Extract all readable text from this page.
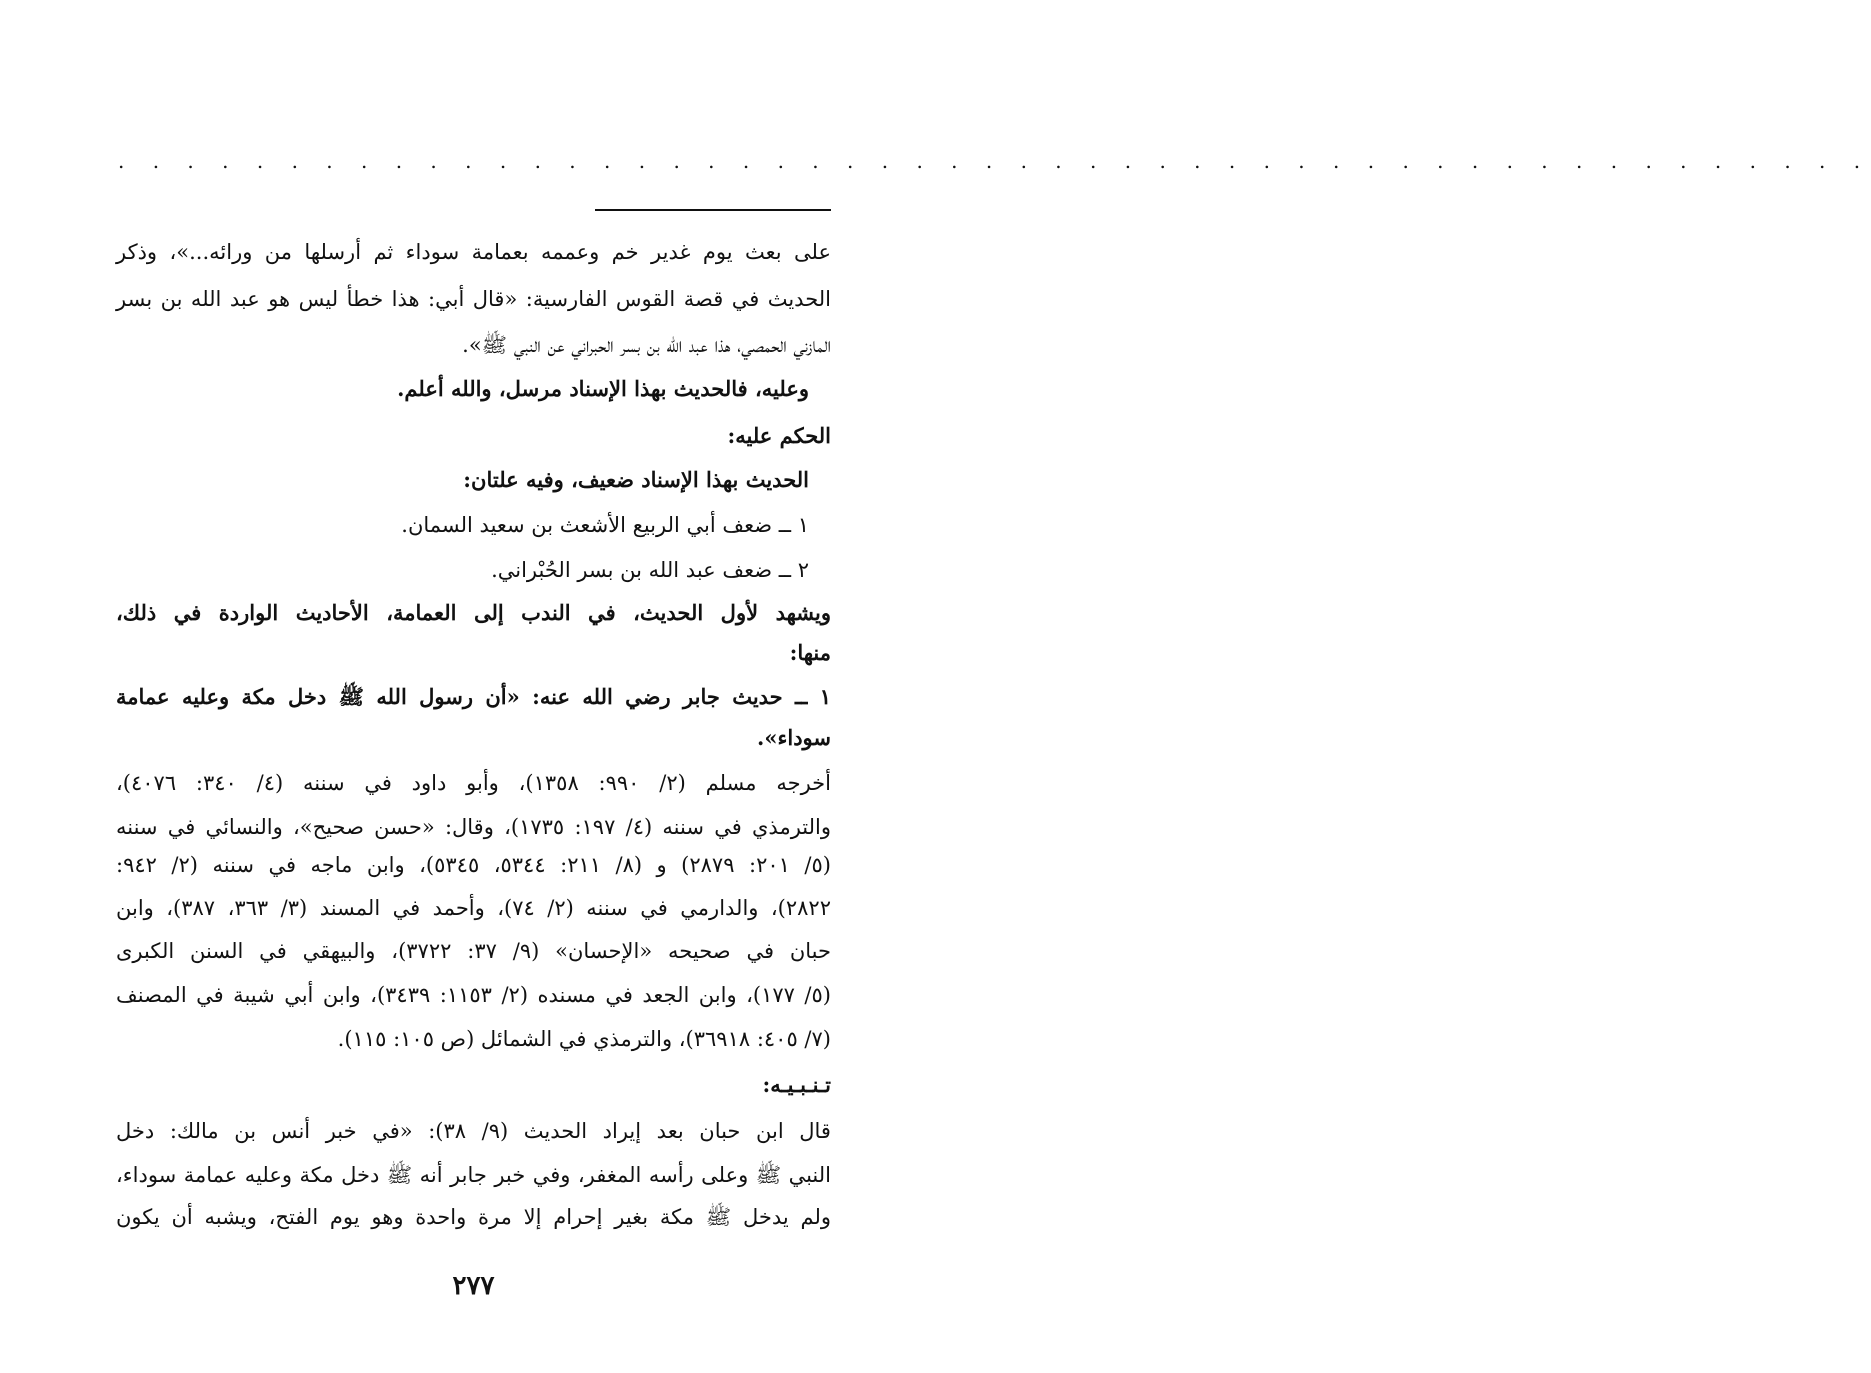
. . . . . . . . . . . . . . . . . . . . . . . . . . . . . . . . . . . . . . . . . . . . . . . . . . .
على بعث يوم غدير خم وعممه بعمامة سوداء ثم أرسلها من ورائه...»، وذكر
الحديث في قصة القوس الفارسية: «قال أبي: هذا خطأ ليس هو عبد الله بن بسر
المازني الحمصي، هذا عبد الله بن بسر الحبراني عن النبي ﷺ».
وعليه، فالحديث بهذا الإسناد مرسل، والله أعلم.
الحكم عليه:
الحديث بهذا الإسناد ضعيف، وفيه علتان:
١ ــ ضعف أبي الربيع الأشعث بن سعيد السمان.
٢ ــ ضعف عبد الله بن بسر الحُبْراني.
ويشهد لأول الحديث، في الندب إلى العمامة، الأحاديث الواردة في ذلك،
منها:
١ ــ حديث جابر رضي الله عنه: «أن رسول الله ﷺ دخل مكة وعليه عمامة
سوداء».
أخرجه مسلم (٢/ ٩٩٠: ١٣٥٨)، وأبو داود في سننه (٤/ ٣٤٠: ٤٠٧٦)،
والترمذي في سننه (٤/ ١٩٧: ١٧٣٥)، وقال: «حسن صحيح»، والنسائي في سننه
(٥/ ٢٠١: ٢٨٧٩) و (٨/ ٢١١: ٥٣٤٤، ٥٣٤٥)، وابن ماجه في سننه (٢/ ٩٤٢:
٢٨٢٢)، والدارمي في سننه (٢/ ٧٤)، وأحمد في المسند (٣/ ٣٦٣، ٣٨٧)، وابن
حبان في صحيحه «الإحسان» (٩/ ٣٧: ٣٧٢٢)، والبيهقي في السنن الكبرى
(٥/ ١٧٧)، وابن الجعد في مسنده (٢/ ١١٥٣: ٣٤٣٩)، وابن أبي شيبة في المصنف
(٧/ ٤٠٥: ٣٦٩١٨)، والترمذي في الشمائل (ص ١٠٥: ١١٥).
تـنـبـيـه:
قال ابن حبان بعد إيراد الحديث (٩/ ٣٨): «في خبر أنس بن مالك: دخل
النبي ﷺ وعلى رأسه المغفر، وفي خبر جابر أنه ﷺ دخل مكة وعليه عمامة سوداء،
ولم يدخل ﷺ مكة بغير إحرام إلا مرة واحدة وهو يوم الفتح، ويشبه أن يكون
٢٧٧
